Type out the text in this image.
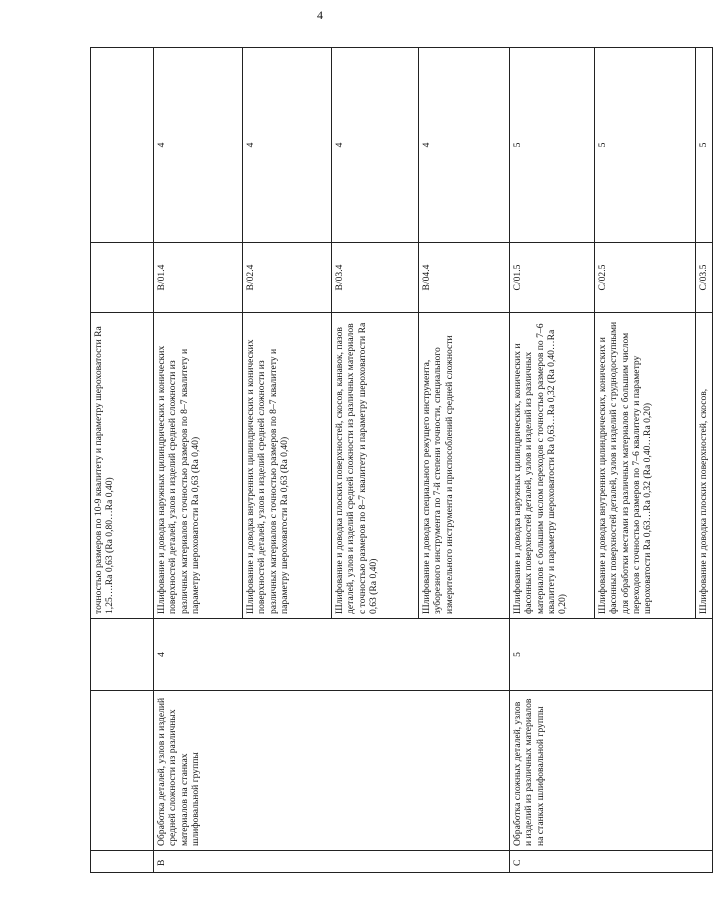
4
			точностью размеров по 10-9 квалитету и параметру шероховатости Ra 1,25….Ra 0,63 (Ra 0,80…Ra 0,40)		
В	Обработка деталей, узлов и изделий средней сложности из различных материалов на станках шлифовальной группы	4	Шлифование и доводка наружных цилиндрических и конических поверхностей деталей, узлов и изделий средней сложности из различных материалов с точностью размеров по 8–7 квалитету и параметру шероховатости Ra 0,63 (Ra 0,40)	В/01.4	4
			Шлифование и доводка внутренних цилиндрических и конических поверхностей деталей, узлов и изделий средней сложности из различных материалов с точностью размеров по 8–7 квалитету и параметру шероховатости Ra 0,63 (Ra 0,40)	В/02.4	4
			Шлифование и доводка плоских поверхностей, скосов, канавок, пазов деталей, узлов и изделий средней сложности из различных материалов с точностью размеров по 8–7 квалитету и параметру шероховатости Ra 0,63 (Ra 0,40)	В/03.4	4
			Шлифование и доводка специального режущего инструмента, зуборезного инструмента по 7-й степени точности, специального измерительного инструмента и приспособлений средней сложности	В/04.4	4
С	Обработка сложных деталей, узлов и изделий из различных материалов на станках шлифовальной группы	5	Шлифование и доводка наружных цилиндрических, конических и фасонных поверхностей деталей, узлов и изделий из различных материалов с большим числом переходов с точностью размеров по 7–6 квалитету и параметру шероховатости Ra 0,63…Ra 0,32 (Ra 0,40…Ra 0,20)	С/01.5	5
			Шлифование и доводка внутренних цилиндрических, конических и фасонных поверхностей деталей, узлов и изделий с труднодоступными для обработки местами из различных материалов с большим числом переходов с точностью размеров по 7–6 квалитету и параметру шероховатости Ra 0,63…Ra 0,32 (Ra 0,40…Ra 0,20)	С/02.5	5
			Шлифование и доводка плоских поверхностей, скосов,	С/03.5	5
